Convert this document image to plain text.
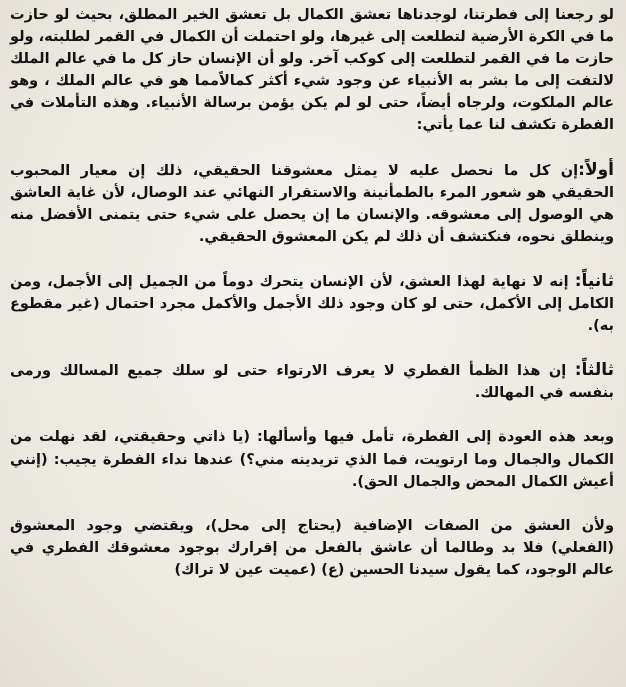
لو رجعنا إلى فطرتنا، لوجدناها تعشق الكمال بل تعشق الخير المطلق، بحيث لو حازت ما في الكرة الأرضية لتطلعت إلى غيرها، ولو احتملت أن الكمال في القمر لطلبته، ولو حازت ما في القمر لتطلعت إلى كوكب آخر. ولو أن الإنسان حاز كل ما في عالم الملك لالتفت إلى ما بشر به الأنبياء عن وجود شيء أكثر كمالاًمما هو في عالم الملك ، وهو عالم الملكوت، ولرجاه أيضاً، حتى لو لم يكن يؤمن برسالة الأنبياء. وهذه التأملات في الفطرة تكشف لنا عما يأتي:

أولاً:إن كل ما نحصل عليه لا يمثل معشوقنا الحقيقي، ذلك إن معيار المحبوب الحقيقي هو شعور المرء بالطمأنينة والاستقرار النهائي عند الوصال، لأن غاية العاشق هي الوصول إلى معشوقه. والإنسان ما إن يحصل على شيء حتى يتمنى الأفضل منه وينطلق نحوه، فنكتشف أن ذلك لم يكن المعشوق الحقيقي.

ثانياً: إنه لا نهاية لهذا العشق، لأن الإنسان يتحرك دوماً من الجميل إلى الأجمل، ومن الكامل إلى الأكمل، حتى لو كان وجود ذلك الأجمل والأكمل مجرد احتمال (غير مقطوع به).

ثالثاً: إن هذا الظمأ الفطري لا يعرف الارتواء حتى لو سلك جميع المسالك ورمى بنفسه في المهالك.

وبعد هذه العودة إلى الفطرة، تأمل فيها وأسألها: (يا ذاتي وحقيقتي، لقد نهلت من الكمال والجمال وما ارتويت، فما الذي تريدينه مني؟) عندها نداء الفطرة يجيب: (إنني أعيش الكمال المحض والجمال الحق).

ولأن العشق من الصفات الإضافية (يحتاج إلى محل)، ويقتضي وجود المعشوق (الفعلي) فلا بد وطالما أن عاشق بالفعل من إقرارك بوجود معشوقك الفطري في عالم الوجود، كما يقول سيدنا الحسين (ع) (عميت عين لا تراك)
